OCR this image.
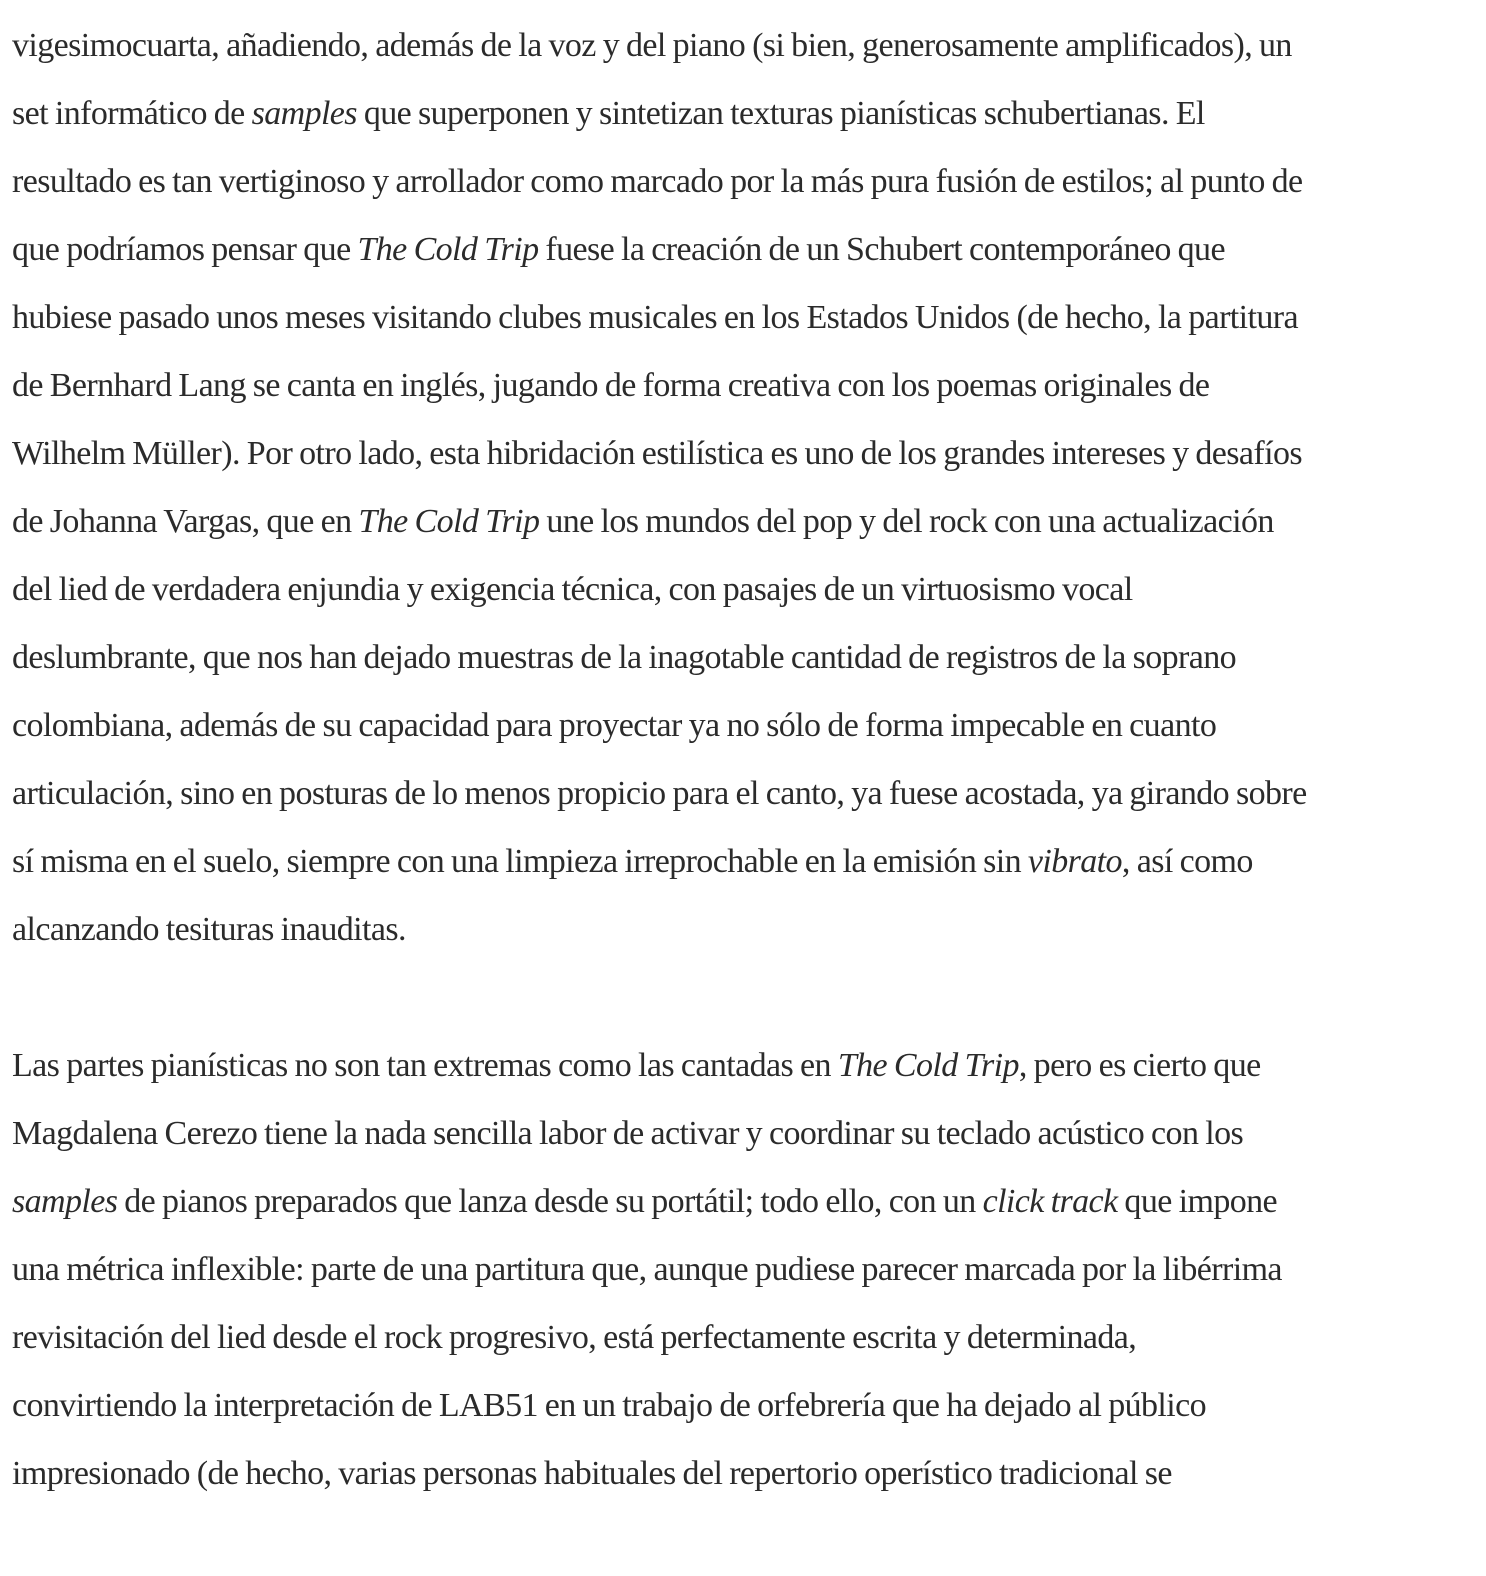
vigesimocuarta, añadiendo, además de la voz y del piano (si bien, generosamente amplificados), un
set informático de samples que superponen y sintetizan texturas pianísticas schubertianas. El
resultado es tan vertiginoso y arrollador como marcado por la más pura fusión de estilos; al punto de
que podríamos pensar que The Cold Trip fuese la creación de un Schubert contemporáneo que
hubiese pasado unos meses visitando clubes musicales en los Estados Unidos (de hecho, la partitura
de Bernhard Lang se canta en inglés, jugando de forma creativa con los poemas originales de
Wilhelm Müller). Por otro lado, esta hibridación estilística es uno de los grandes intereses y desafíos
de Johanna Vargas, que en The Cold Trip une los mundos del pop y del rock con una actualización
del lied de verdadera enjundia y exigencia técnica, con pasajes de un virtuosismo vocal
deslumbrante, que nos han dejado muestras de la inagotable cantidad de registros de la soprano
colombiana, además de su capacidad para proyectar ya no sólo de forma impecable en cuanto
articulación, sino en posturas de lo menos propicio para el canto, ya fuese acostada, ya girando sobre
sí misma en el suelo, siempre con una limpieza irreprochable en la emisión sin vibrato, así como
alcanzando tesituras inauditas.

Las partes pianísticas no son tan extremas como las cantadas en The Cold Trip, pero es cierto que
Magdalena Cerezo tiene la nada sencilla labor de activar y coordinar su teclado acústico con los
samples de pianos preparados que lanza desde su portátil; todo ello, con un click track que impone
una métrica inflexible: parte de una partitura que, aunque pudiese parecer marcada por la libérrima
revisitación del lied desde el rock progresivo, está perfectamente escrita y determinada,
convirtiendo la interpretación de LAB51 en un trabajo de orfebrería que ha dejado al público
impresionado (de hecho, varias personas habituales del repertorio operístico tradicional se
